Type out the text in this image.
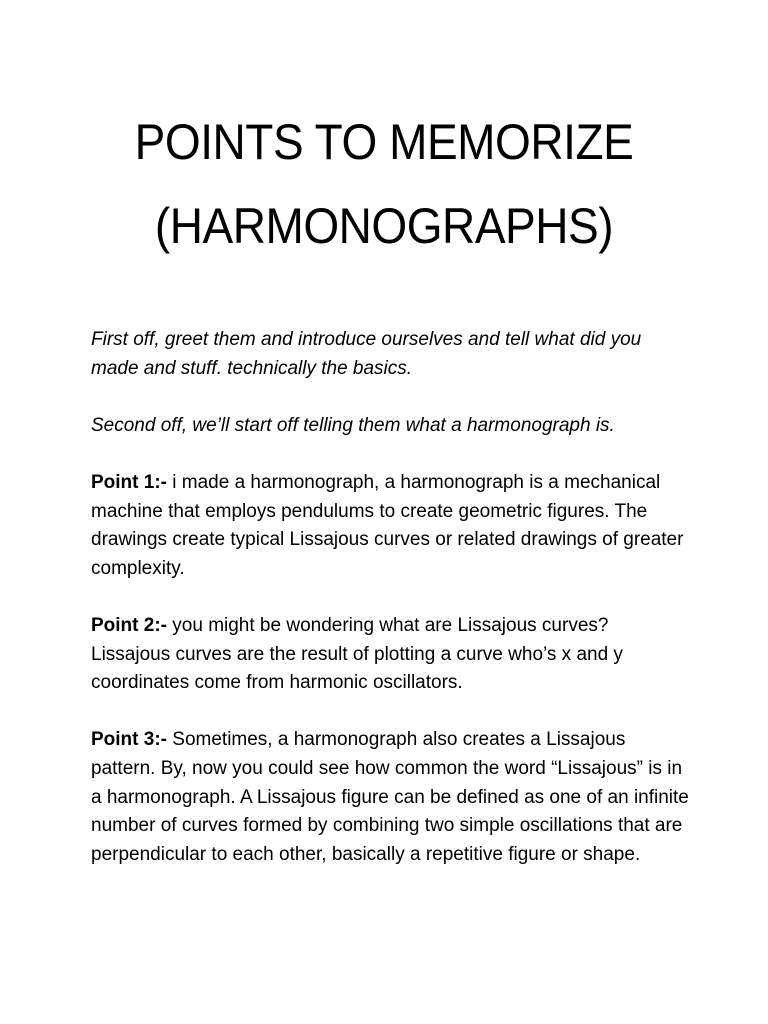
POINTS TO MEMORIZE
(HARMONOGRAPHS)

First off, greet them and introduce ourselves and tell what did you made and stuff. technically the basics.

Second off, we’ll start off telling them what a harmonograph is.

Point 1:- i made a harmonograph, a harmonograph is a mechanical machine that employs pendulums to create geometric figures. The drawings create typical Lissajous curves or related drawings of greater complexity.

Point 2:- you might be wondering what are Lissajous curves? Lissajous curves are the result of plotting a curve who’s x and y coordinates come from harmonic oscillators.

Point 3:- Sometimes, a harmonograph also creates a Lissajous pattern. By, now you could see how common the word “Lissajous” is in a harmonograph. A Lissajous figure can be defined as one of an infinite number of curves formed by combining two simple oscillations that are perpendicular to each other, basically a repetitive figure or shape.
